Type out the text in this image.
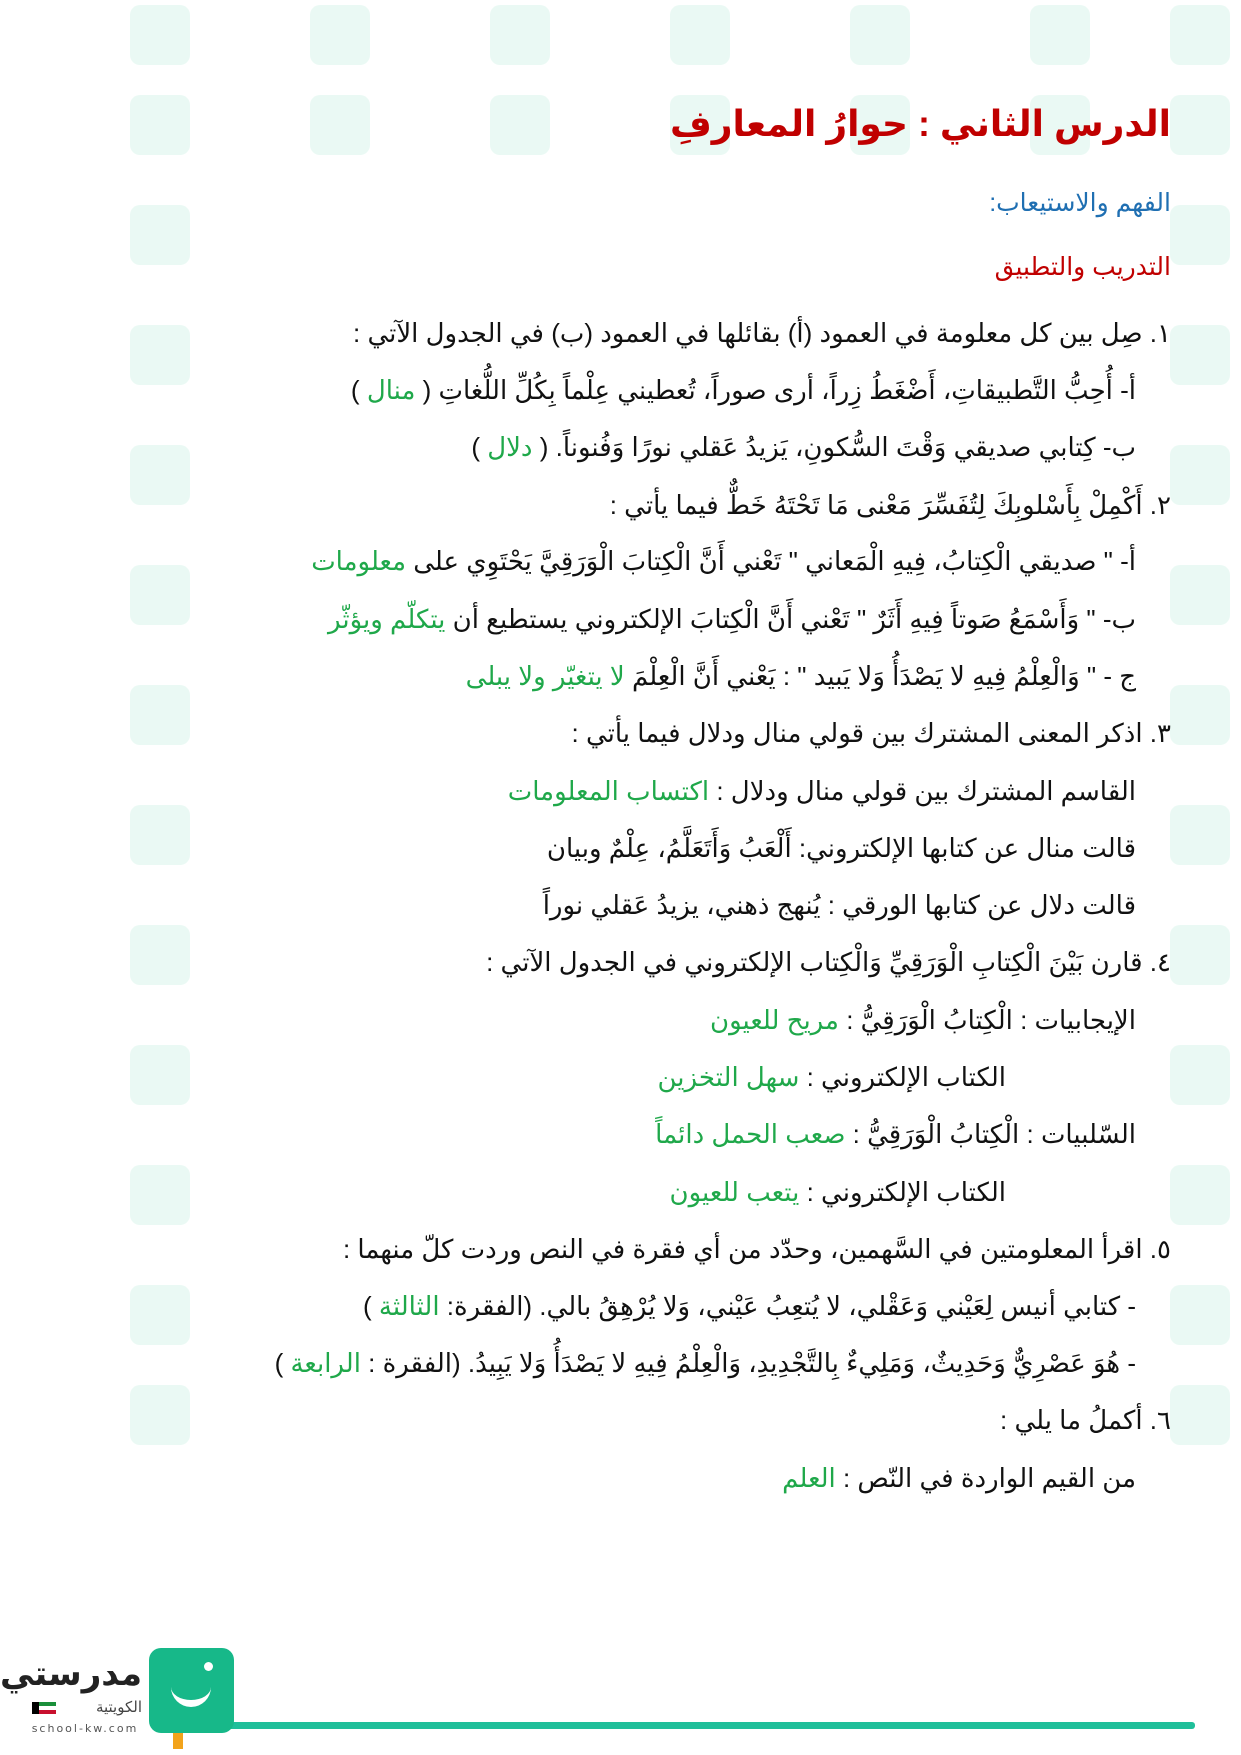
الدرس الثاني : حوارُ المعارفِ
الفهم والاستيعاب:
التدريب والتطبيق
١. صِل بين كل معلومة في العمود (أ) بقائلها في العمود (ب) في الجدول الآتي :
أ- أُحِبُّ التَّطبيقاتِ، أَضْغَطُ زِراً، أرى صوراً، تُعطيني عِلْماً بِكُلِّ اللُّغاتِ ( منال )
ب- كِتابي صديقي وَقْتَ السُّكونِ، يَزيدُ عَقلي نورًا وَفُنوناً. ( دلال )
٢. أَكْمِلْ بِأَسْلوبِكَ لِتُفَسِّرَ مَعْنى مَا تَحْتَهُ خَطٌّ فيما يأتي :
أ- " صديقي الْكِتابُ، فِيهِ الْمَعاني " تَعْني أَنَّ الْكِتابَ الْوَرَقِيَّ يَحْتَوِي على معلومات
ب- " وَأَسْمَعُ صَوتاً فِيهِ أَثَرٌ " تَعْني أَنَّ الْكِتابَ الإلكتروني يستطيع أن يتكلّم ويؤثّر
ج - " وَالْعِلْمُ فِيهِ لا يَصْدَأُ وَلا يَبيد " : يَعْني أَنَّ الْعِلْمَ لا يتغيّر ولا يبلى
٣. اذكر المعنى المشترك بين قولي منال ودلال فيما يأتي :
القاسم المشترك بين قولي منال ودلال : اكتساب المعلومات
قالت منال عن كتابها الإلكتروني: أَلْعَبُ وَأَتَعَلَّمُ، عِلْمٌ وبيان
قالت دلال عن كتابها الورقي : يُنهج ذهني، يزيدُ عَقلي نوراً
٤. قارن بَيْنَ الْكِتابِ الْوَرَقِيِّ وَالْكِتاب الإلكتروني في الجدول الآتي :
الإيجابيات : الْكِتابُ الْوَرَقِيُّ : مريح للعيون
الكتاب الإلكتروني : سهل التخزين
السّلبيات : الْكِتابُ الْوَرَقِيُّ : صعب الحمل دائماً
الكتاب الإلكتروني : يتعب للعيون
٥. اقرأ المعلومتين في السَّهمين، وحدّد من أي فقرة في النص وردت كلّ منهما :
- كتابي أنيس لِعَيْني وَعَقْلي، لا يُتعِبُ عَيْني، وَلا يُرْهِقُ بالي. (الفقرة: الثالثة )
- هُوَ عَصْرِيٌّ وَحَدِيثٌ، وَمَلِيءٌ بِالتَّجْدِيدِ، وَالْعِلْمُ فِيهِ لا يَصْدَأُ وَلا يَبِيدُ. (الفقرة : الرابعة )
٦. أكملُ ما يلي :
من القيم الواردة في النّص : العلم
مدرستي
الكويتية
school-kw.com
